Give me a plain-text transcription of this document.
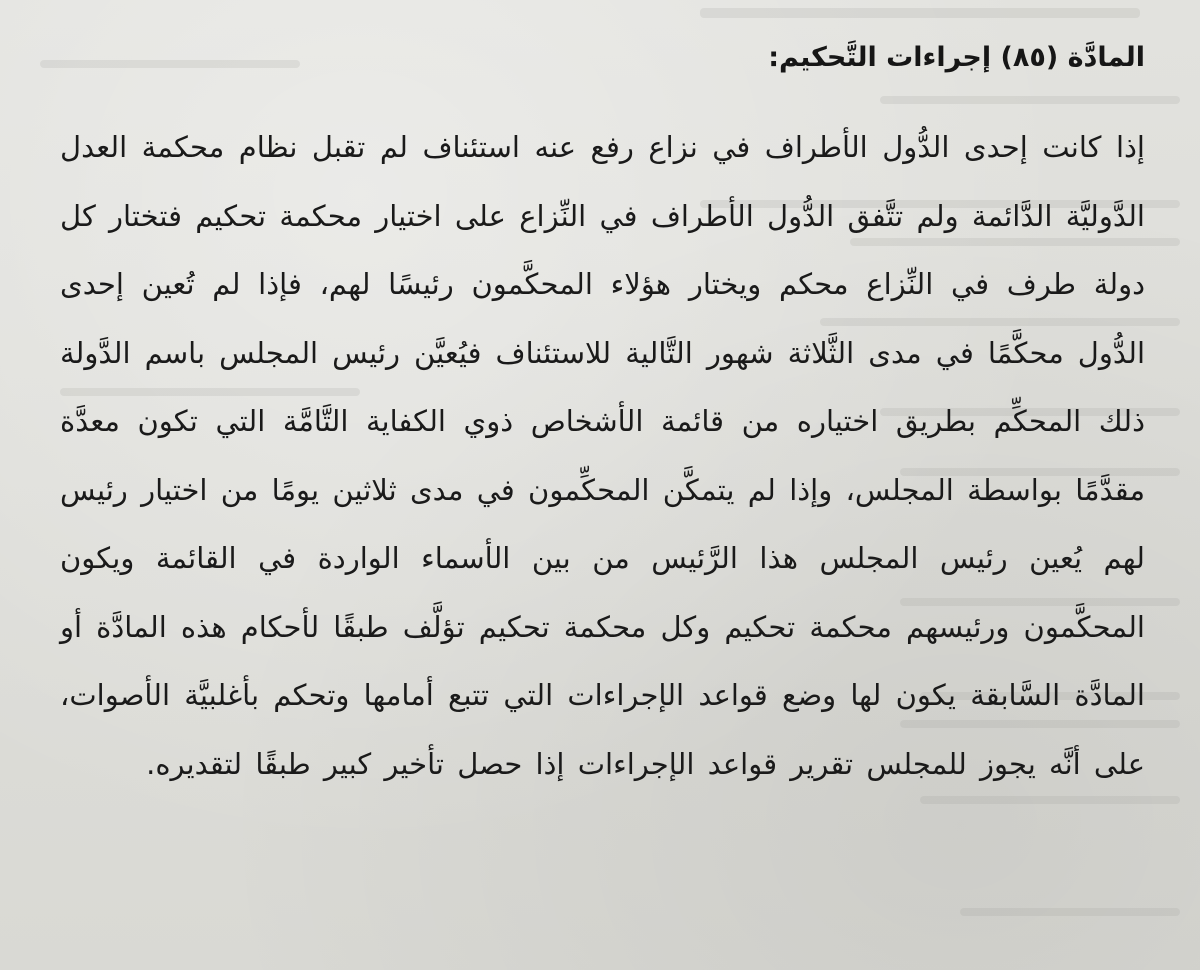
المادَّة (٨٥) إجراءات التَّحكيم:

إذا كانت إحدى الدُّول الأطراف في نزاع رفع عنه استئناف لم تقبل نظام محكمة العدل الدَّوليَّة الدَّائمة ولم تتَّفق الدُّول الأطراف في النِّزاع على اختيار محكمة تحكيم فتختار كل دولة طرف في النِّزاع محكم ويختار هؤلاء المحكَّمون رئيسًا لهم، فإذا لم تُعين إحدى الدُّول محكَّمًا في مدى الثَّلاثة شهور التَّالية للاستئناف فيُعيَّن رئيس المجلس باسم الدَّولة ذلك المحكِّم بطريق اختياره من قائمة الأشخاص ذوي الكفاية التَّامَّة التي تكون معدَّة مقدَّمًا بواسطة المجلس، وإذا لم يتمكَّن المحكِّمون في مدى ثلاثين يومًا من اختيار رئيس لهم يُعين رئيس المجلس هذا الرَّئيس من بين الأسماء الواردة في القائمة ويكون المحكَّمون ورئيسهم محكمة تحكيم وكل محكمة تحكيم تؤلَّف طبقًا لأحكام هذه المادَّة أو المادَّة السَّابقة يكون لها وضع قواعد الإجراءات التي تتبع أمامها وتحكم بأغلبيَّة الأصوات، على أنَّه يجوز للمجلس تقرير قواعد الإجراءات إذا حصل تأخير كبير طبقًا لتقديره.
